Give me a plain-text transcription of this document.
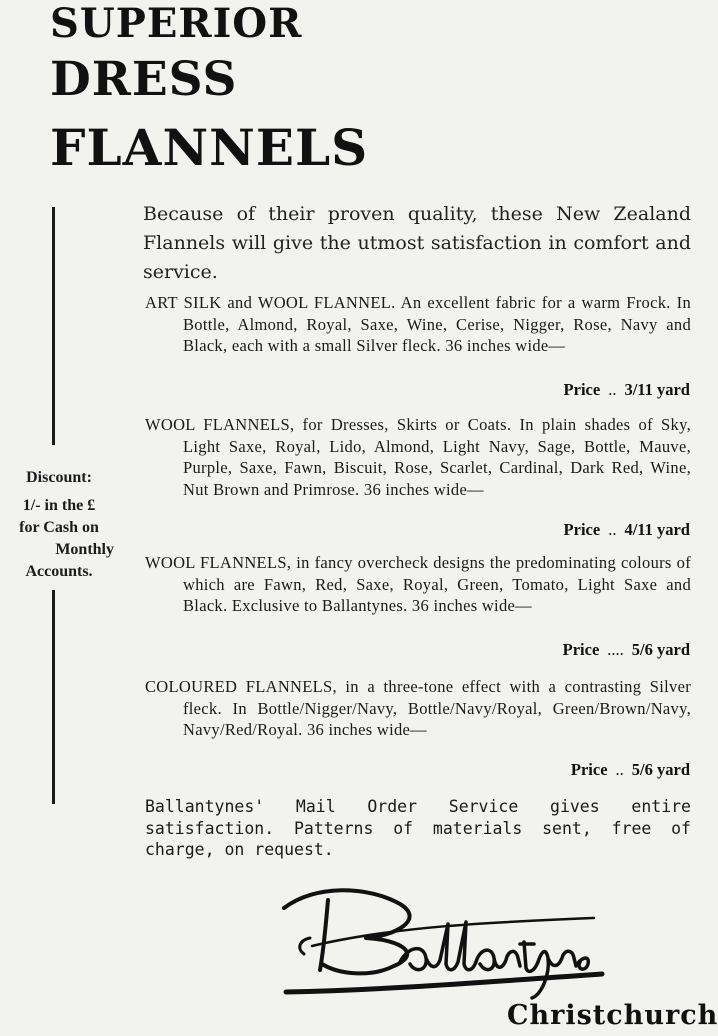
SUPERIOR
DRESS
FLANNELS
Discount:
1/- in the £
for Cash on
Monthly
Accounts.

Because of their proven quality, these New Zealand Flannels will give the utmost satisfaction in comfort and service.

ART SILK and WOOL FLANNEL. An excellent fabric for a warm Frock. In Bottle, Almond, Royal, Saxe, Wine, Cerise, Nigger, Rose, Navy and Black, each with a small Silver fleck. 36 inches wide—

Price .. 3/11 yard

WOOL FLANNELS, for Dresses, Skirts or Coats. In plain shades of Sky, Light Saxe, Royal, Lido, Almond, Light Navy, Sage, Bottle, Mauve, Purple, Saxe, Fawn, Biscuit, Rose, Scarlet, Cardinal, Dark Red, Wine, Nut Brown and Primrose. 36 inches wide—

Price .. 4/11 yard

WOOL FLANNELS, in fancy overcheck designs the predominating colours of which are Fawn, Red, Saxe, Royal, Green, Tomato, Light Saxe and Black. Exclusive to Ballantynes. 36 inches wide—

Price .... 5/6 yard

COLOURED FLANNELS, in a three-tone effect with a contrasting Silver fleck. In Bottle/Nigger/Navy, Bottle/Navy/Royal, Green/Brown/Navy, Navy/Red/Royal. 36 inches wide—

Price .. 5/6 yard

Ballantynes' Mail Order Service gives entire satisfaction. Patterns of materials sent, free of charge, on request.

Christchurch
